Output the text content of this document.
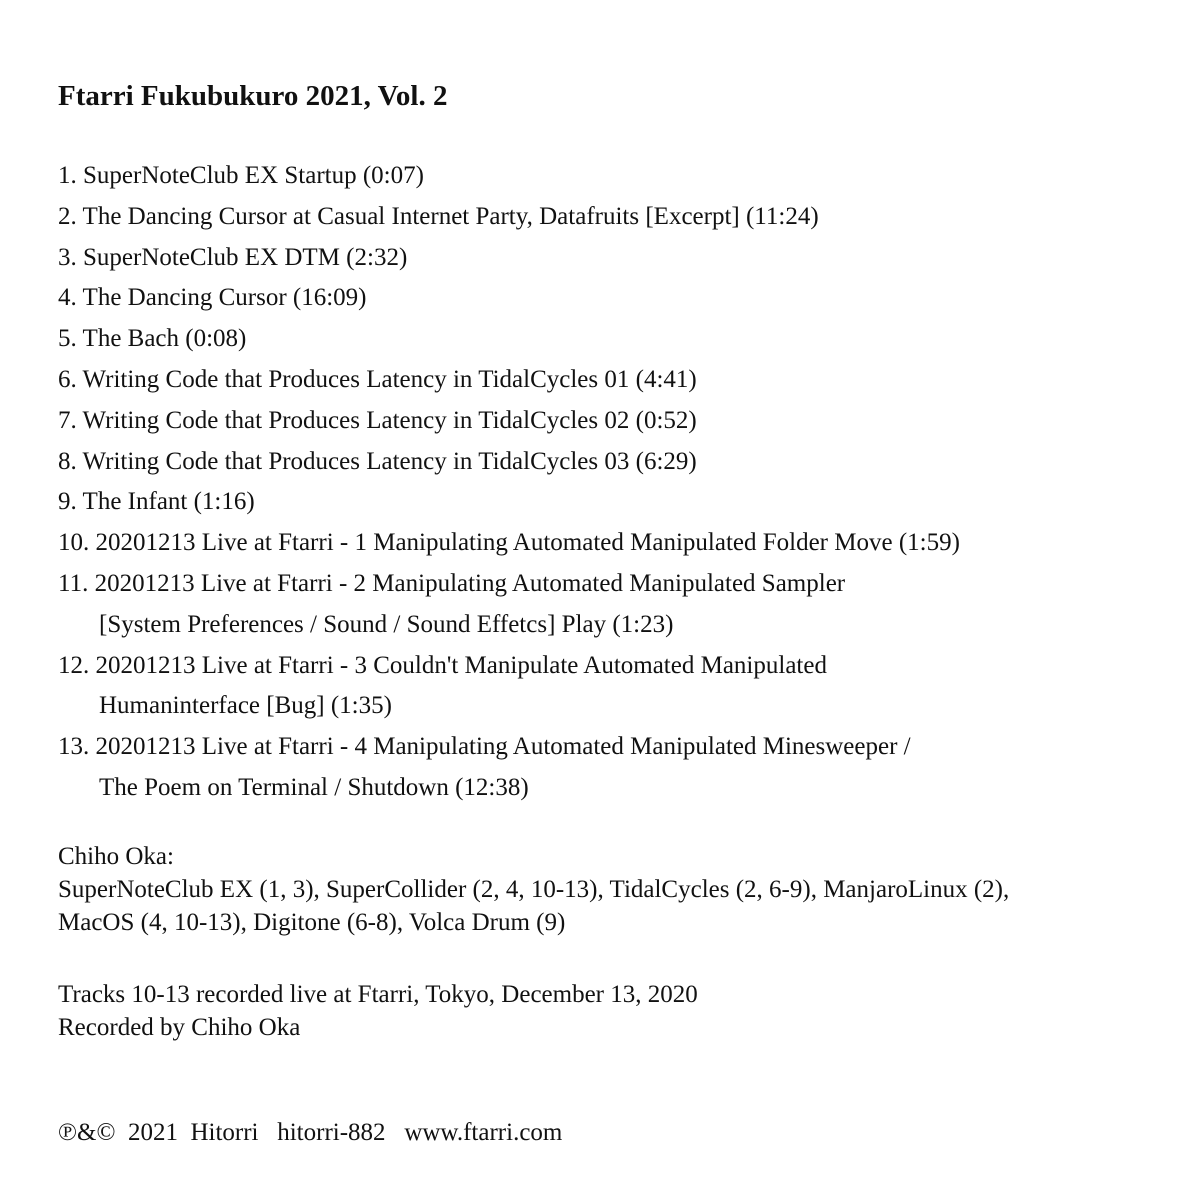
Ftarri Fukubukuro 2021, Vol. 2
1. SuperNoteClub EX Startup (0:07)
2. The Dancing Cursor at Casual Internet Party, Datafruits [Excerpt] (11:24)
3. SuperNoteClub EX DTM (2:32)
4. The Dancing Cursor (16:09)
5. The Bach (0:08)
6. Writing Code that Produces Latency in TidalCycles 01 (4:41)
7. Writing Code that Produces Latency in TidalCycles 02 (0:52)
8. Writing Code that Produces Latency in TidalCycles 03 (6:29)
9. The Infant (1:16)
10. 20201213 Live at Ftarri - 1 Manipulating Automated Manipulated Folder Move (1:59)
11. 20201213 Live at Ftarri - 2 Manipulating Automated Manipulated Sampler
[System Preferences / Sound / Sound Effetcs] Play (1:23)
12. 20201213 Live at Ftarri - 3 Couldn't Manipulate Automated Manipulated
Humaninterface [Bug] (1:35)
13. 20201213 Live at Ftarri - 4 Manipulating Automated Manipulated Minesweeper /
The Poem on Terminal / Shutdown (12:38)
Chiho Oka:
SuperNoteClub EX (1, 3), SuperCollider (2, 4, 10-13), TidalCycles (2, 6-9), ManjaroLinux (2),
MacOS (4, 10-13), Digitone (6-8), Volca Drum (9)
Tracks 10-13 recorded live at Ftarri, Tokyo, December 13, 2020
Recorded by Chiho Oka
℗&© 2021 Hitorri hitorri-882 www.ftarri.com
